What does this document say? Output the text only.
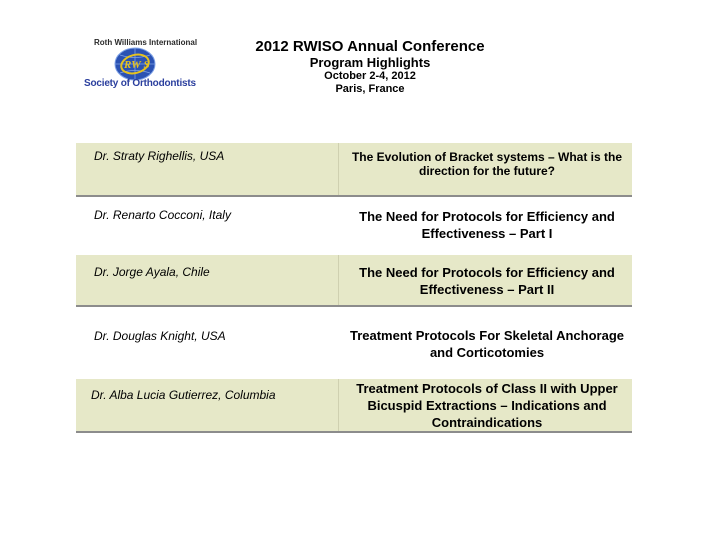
Roth Williams International
RW S
Society of Orthodontists
2012 RWISO Annual Conference
Program Highlights
October 2-4, 2012
Paris, France
Dr. Straty Righellis, USA	The Evolution of Bracket systems – What is the direction for the future?
Dr. Renarto Cocconi, Italy	The Need for Protocols for Efficiency and Effectiveness – Part I
Dr. Jorge Ayala, Chile	The Need for Protocols for Efficiency and Effectiveness – Part II
Dr. Douglas Knight, USA	Treatment Protocols For Skeletal Anchorage and Corticotomies
Dr. Alba Lucia Gutierrez, Columbia	Treatment Protocols of Class II with Upper Bicuspid Extractions – Indications and Contraindications
